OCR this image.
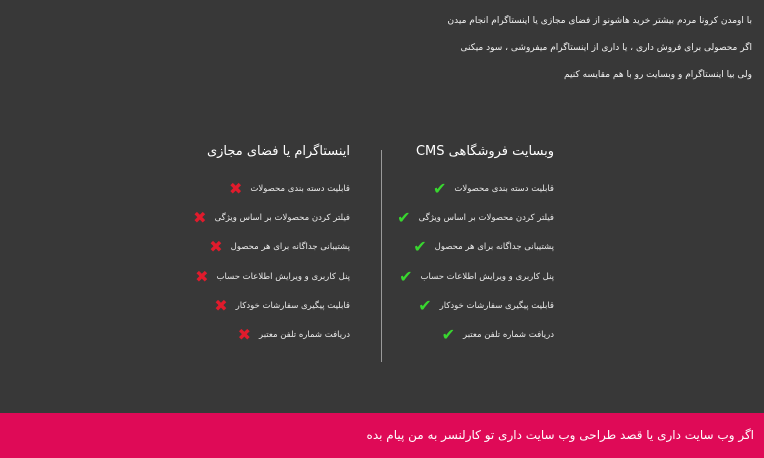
با اومدن کرونا مردم بیشتر خرید هاشونو از فضای مجازی یا اینستاگرام انجام میدن

اگر محصولی برای فروش داری ، یا داری از اینستاگرام میفروشی ، سود میکنی

ولی بیا اینستاگرام و وبسایت رو با هم مقایسه کنیم

وبسایت فروشگاهی CMS
قابلیت دسته بندی محصولات
✔
فیلتر کردن محصولات بر اساس ویژگی
✔
پشتیبانی جداگانه برای هر محصول
✔
پنل کاربری و ویرایش اطلاعات حساب
✔
قابلیت پیگیری سفارشات خودکار
✔
دریافت شماره تلفن معتبر
✔
اینستاگرام یا فضای مجازی
قابلیت دسته بندی محصولات
✖
فیلتر کردن محصولات بر اساس ویژگی
✖
پشتیبانی جداگانه برای هر محصول
✖
پنل کاربری و ویرایش اطلاعات حساب
✖
قابلیت پیگیری سفارشات خودکار
✖
دریافت شماره تلفن معتبر
✖
اگر وب سایت داری یا قصد طراحی وب سایت داری تو کارلنسر به من پیام بده
